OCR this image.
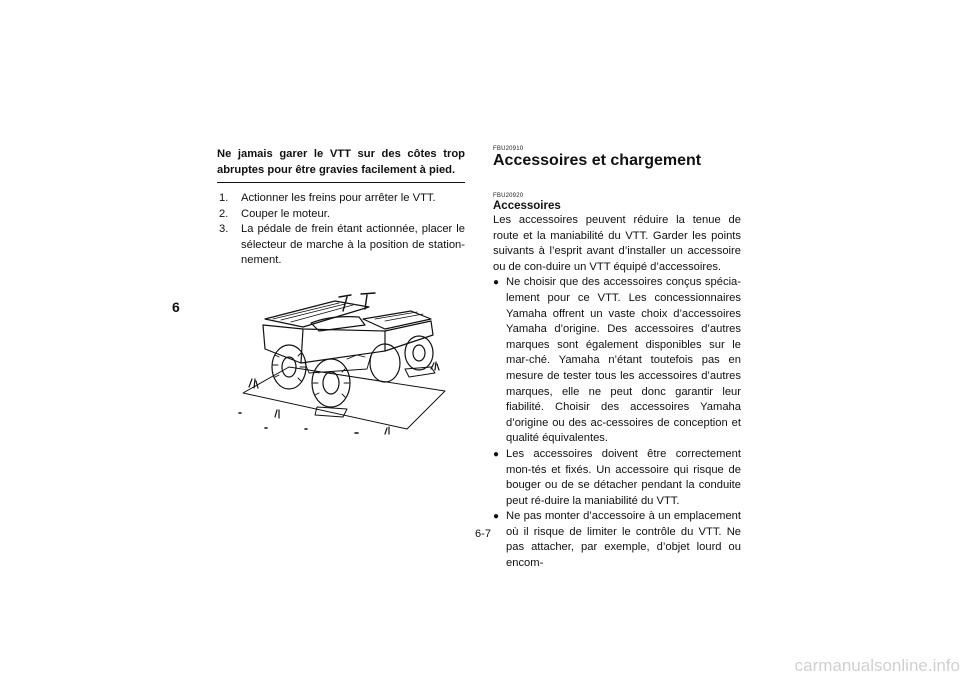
6
Ne jamais garer le VTT sur des côtes trop abruptes pour être gravies facilement à pied.
1.	Actionner les freins pour arrêter le VTT.
2.	Couper le moteur.
3.	La pédale de frein étant actionnée, placer le sélecteur de marche à la position de station-nement.
FBU20910
Accessoires et chargement
FBU20920
Accessoires

Les accessoires peuvent réduire la tenue de route et la maniabilité du VTT. Garder les points suivants à l’esprit avant d’installer un accessoire ou de con-duire un VTT équipé d’accessoires.

● Ne choisir que des accessoires conçus spécia-lement pour ce VTT. Les concessionnaires Yamaha offrent un vaste choix d’accessoires Yamaha d’origine. Des accessoires d’autres marques sont également disponibles sur le mar-ché. Yamaha n’étant toutefois pas en mesure de tester tous les accessoires d’autres marques, elle ne peut donc garantir leur fiabilité. Choisir des accessoires Yamaha d’origine ou des ac-cessoires de conception et qualité équivalentes.
● Les accessoires doivent être correctement mon-tés et fixés. Un accessoire qui risque de bouger ou de se détacher pendant la conduite peut ré-duire la maniabilité du VTT.
● Ne pas monter d’accessoire à un emplacement où il risque de limiter le contrôle du VTT. Ne pas attacher, par exemple, d’objet lourd ou encom-
6-7
carmanualsonline.info
